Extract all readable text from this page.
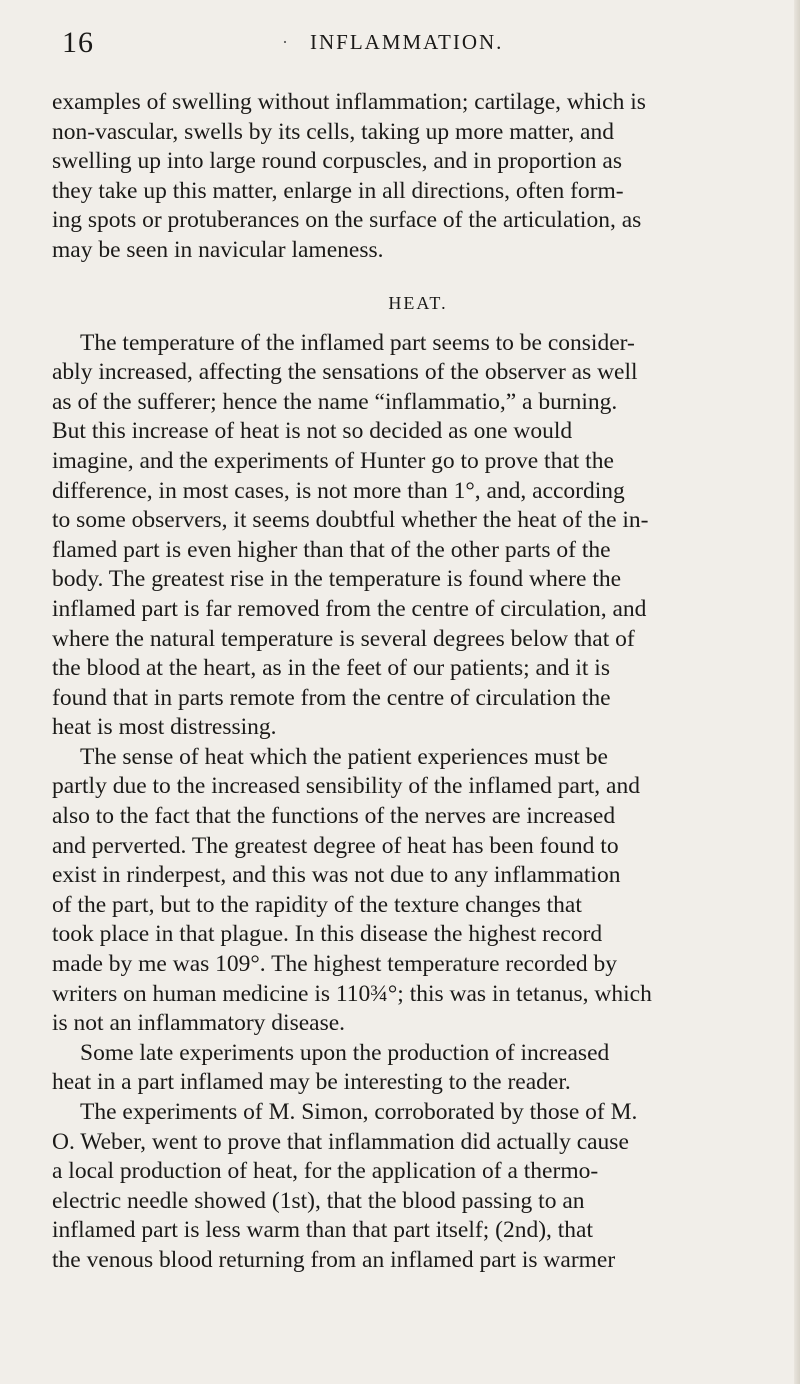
16	· INFLAMMATION.

examples of swelling without inflammation; cartilage, which is
non-vascular, swells by its cells, taking up more matter, and
swelling up into large round corpuscles, and in proportion as
they take up this matter, enlarge in all directions, often form-
ing spots or protuberances on the surface of the articulation, as
may be seen in navicular lameness.

HEAT.

The temperature of the inflamed part seems to be consider-
ably increased, affecting the sensations of the observer as well
as of the sufferer; hence the name “inflammatio,” a burning.
But this increase of heat is not so decided as one would
imagine, and the experiments of Hunter go to prove that the
difference, in most cases, is not more than 1°, and, according
to some observers, it seems doubtful whether the heat of the in-
flamed part is even higher than that of the other parts of the
body. The greatest rise in the temperature is found where the
inflamed part is far removed from the centre of circulation, and
where the natural temperature is several degrees below that of
the blood at the heart, as in the feet of our patients; and it is
found that in parts remote from the centre of circulation the
heat is most distressing.

The sense of heat which the patient experiences must be
partly due to the increased sensibility of the inflamed part, and
also to the fact that the functions of the nerves are increased
and perverted. The greatest degree of heat has been found to
exist in rinderpest, and this was not due to any inflammation
of the part, but to the rapidity of the texture changes that
took place in that plague. In this disease the highest record
made by me was 109°. The highest temperature recorded by
writers on human medicine is 110¾°; this was in tetanus, which
is not an inflammatory disease.

Some late experiments upon the production of increased
heat in a part inflamed may be interesting to the reader.
The experiments of M. Simon, corroborated by those of M.
O. Weber, went to prove that inflammation did actually cause
a local production of heat, for the application of a thermo-
electric needle showed (1st), that the blood passing to an
inflamed part is less warm than that part itself; (2nd), that
the venous blood returning from an inflamed part is warmer
